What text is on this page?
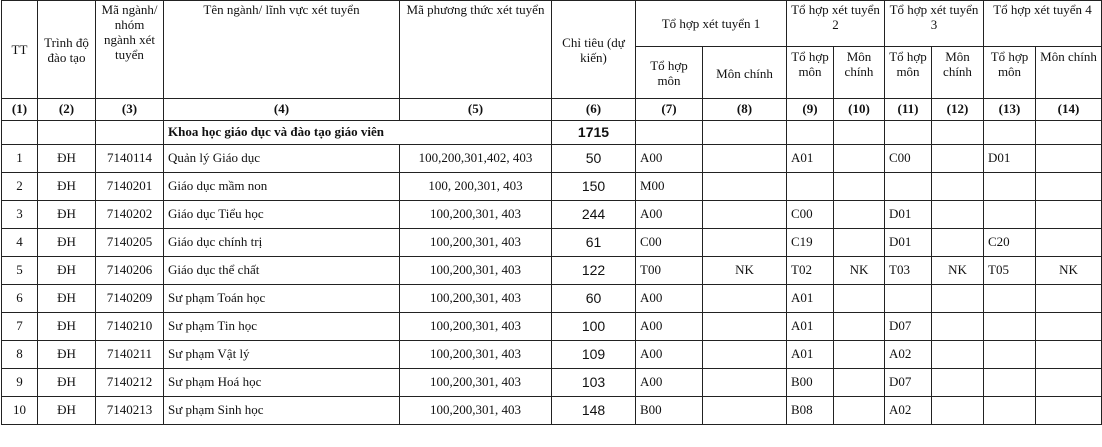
TT	Trình độ đào tạo	Mã ngành/ nhóm ngành xét tuyển	Tên ngành/ lĩnh vực xét tuyển	Mã phương thức xét tuyển	Chỉ tiêu (dự kiến)	Tổ hợp xét tuyển 1		Tổ hợp xét tuyển 2		Tổ hợp xét tuyển 3		Tổ hợp xét tuyển 4	
						Tổ hợp môn	Môn chính	Tổ hợp môn	Môn chính	Tổ hợp môn	Môn chính	Tổ hợp môn	Môn chính
(1)	(2)	(3)	(4)	(5)	(6)	(7)	(8)	(9)	(10)	(11)	(12)	(13)	(14)
			Khoa học giáo dục và đào tạo giáo viên		1715								
1	ĐH	7140114	Quản lý Giáo dục	100,200,301,402, 403	50	A00		A01		C00		D01	
2	ĐH	7140201	Giáo dục mầm non	100, 200,301, 403	150	M00							
3	ĐH	7140202	Giáo dục Tiểu học	100,200,301, 403	244	A00		C00		D01			
4	ĐH	7140205	Giáo dục chính trị	100,200,301, 403	61	C00		C19		D01		C20	
5	ĐH	7140206	Giáo dục thể chất	100,200,301, 403	122	T00	NK	T02	NK	T03	NK	T05	NK
6	ĐH	7140209	Sư phạm Toán học	100,200,301, 403	60	A00		A01					
7	ĐH	7140210	Sư phạm Tin học	100,200,301, 403	100	A00		A01		D07			
8	ĐH	7140211	Sư phạm Vật lý	100,200,301, 403	109	A00		A01		A02			
9	ĐH	7140212	Sư phạm Hoá học	100,200,301, 403	103	A00		B00		D07			
10	ĐH	7140213	Sư phạm Sinh học	100,200,301, 403	148	B00		B08		A02			
